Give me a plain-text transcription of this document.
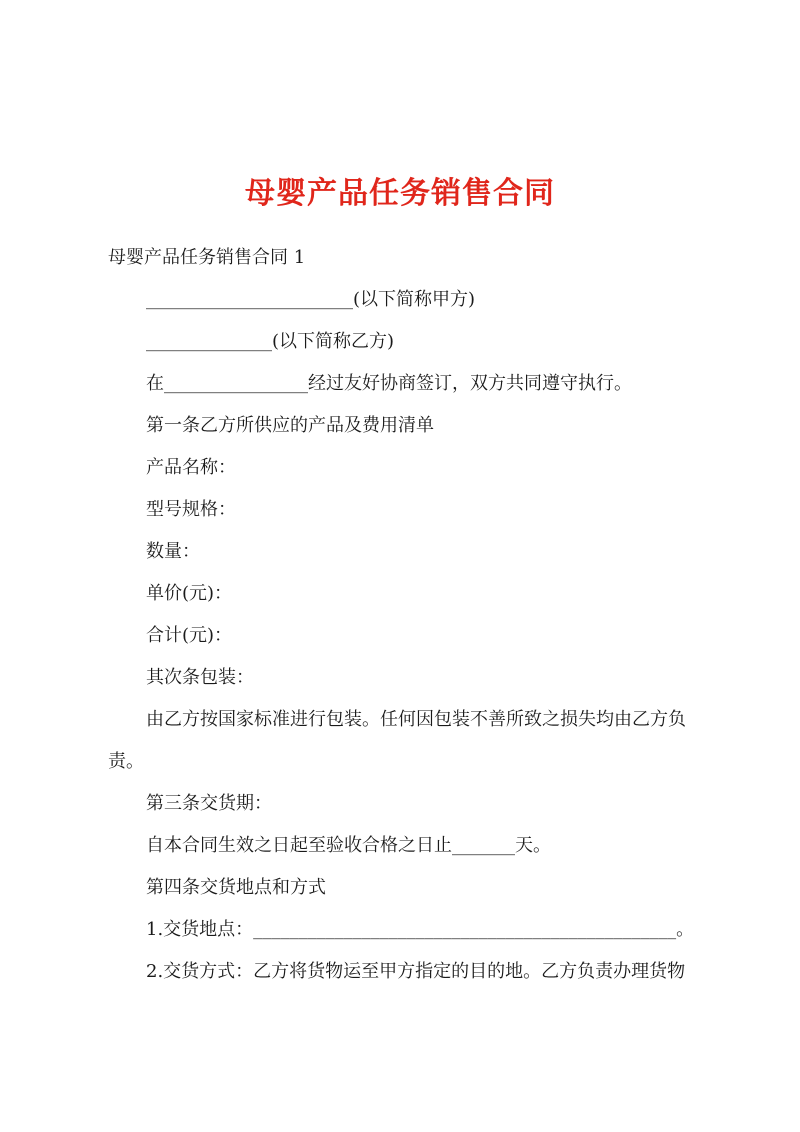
母婴产品任务销售合同
母婴产品任务销售合同 1
_______________________(以下简称甲方)
______________(以下简称乙方)
在________________经过友好协商签订，双方共同遵守执行。
第一条乙方所供应的产品及费用清单
产品名称：
型号规格：
数量：
单价(元)：
合计(元)：
其次条包装：
由乙方按国家标准进行包装。任何因包装不善所致之损失均由乙方负
责。
第三条交货期：
自本合同生效之日起至验收合格之日止_______天。
第四条交货地点和方式
1.交货地点：_______________________________________________。
2.交货方式：乙方将货物运至甲方指定的目的地。乙方负责办理货物
